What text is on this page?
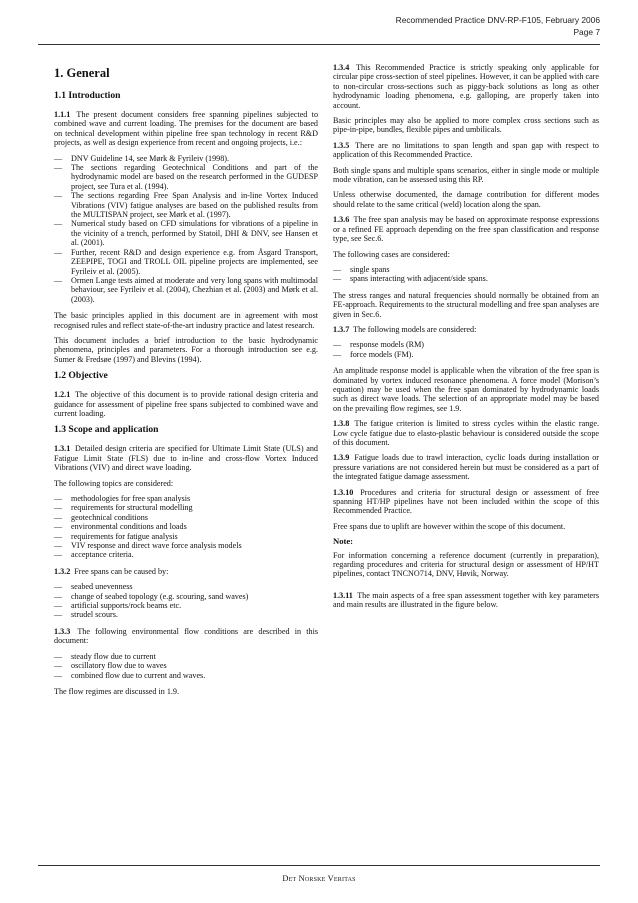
Recommended Practice DNV-RP-F105, February 2006
Page 7
1. General
1.1 Introduction

1.1.1 The present document considers free spanning pipelines subjected to combined wave and current loading. The premises for the document are based on technical development within pipeline free span technology in recent R&D projects, as well as design experience from recent and ongoing projects, i.e.:

— DNV Guideline 14, see Mørk & Fyrileiv (1998).
— The sections regarding Geotechnical Conditions and part of the hydrodynamic model are based on the research performed in the GUDESP project, see Tura et al. (1994).
— The sections regarding Free Span Analysis and in-line Vortex Induced Vibrations (VIV) fatigue analyses are based on the published results from the MULTISPAN project, see Mørk et al. (1997).
— Numerical study based on CFD simulations for vibrations of a pipeline in the vicinity of a trench, performed by Statoil, DHI & DNV, see Hansen et al. (2001).
— Further, recent R&D and design experience e.g. from Åsgard Transport, ZEEPIPE, TOGI and TROLL OIL pipeline projects are implemented, see Fyrileiv et al. (2005).
— Ormen Lange tests aimed at moderate and very long spans with multimodal behaviour, see Fyrileiv et al. (2004), Chezhian et al. (2003) and Mørk et al. (2003).

The basic principles applied in this document are in agreement with most recognised rules and reflect state-of-the-art industry practice and latest research.

This document includes a brief introduction to the basic hydrodynamic phenomena, principles and parameters. For a thorough introduction see e.g. Sumer & Fredsøe (1997) and Blevins (1994).

1.2 Objective

1.2.1 The objective of this document is to provide rational design criteria and guidance for assessment of pipeline free spans subjected to combined wave and current loading.

1.3 Scope and application

1.3.1 Detailed design criteria are specified for Ultimate Limit State (ULS) and Fatigue Limit State (FLS) due to in-line and cross-flow Vortex Induced Vibrations (VIV) and direct wave loading.

The following topics are considered:

— methodologies for free span analysis
— requirements for structural modelling
— geotechnical conditions
— environmental conditions and loads
— requirements for fatigue analysis
— VIV response and direct wave force analysis models
— acceptance criteria.

1.3.2 Free spans can be caused by:

— seabed unevenness
— change of seabed topology (e.g. scouring, sand waves)
— artificial supports/rock beams etc.
— strudel scours.

1.3.3 The following environmental flow conditions are described in this document:

— steady flow due to current
— oscillatory flow due to waves
— combined flow due to current and waves.

The flow regimes are discussed in 1.9.

1.3.4 This Recommended Practice is strictly speaking only applicable for circular pipe cross-section of steel pipelines. However, it can be applied with care to non-circular cross-sections such as piggy-back solutions as long as other hydrodynamic loading phenomena, e.g. galloping, are properly taken into account.

Basic principles may also be applied to more complex cross sections such as pipe-in-pipe, bundles, flexible pipes and umbilicals.

1.3.5 There are no limitations to span length and span gap with respect to application of this Recommended Practice.

Both single spans and multiple spans scenarios, either in single mode or multiple mode vibration, can be assessed using this RP.

Unless otherwise documented, the damage contribution for different modes should relate to the same critical (weld) location along the span.

1.3.6 The free span analysis may be based on approximate response expressions or a refined FE approach depending on the free span classification and response type, see Sec.6.

The following cases are considered:

— single spans
— spans interacting with adjacent/side spans.

The stress ranges and natural frequencies should normally be obtained from an FE-approach. Requirements to the structural modelling and free span analyses are given in Sec.6.

1.3.7 The following models are considered:

— response models (RM)
— force models (FM).

An amplitude response model is applicable when the vibration of the free span is dominated by vortex induced resonance phenomena. A force model (Morison’s equation) may be used when the free span dominated by hydrodynamic loads such as direct wave loads. The selection of an appropriate model may be based on the prevailing flow regimes, see 1.9.

1.3.8 The fatigue criterion is limited to stress cycles within the elastic range. Low cycle fatigue due to elasto-plastic behaviour is considered outside the scope of this document.

1.3.9 Fatigue loads due to trawl interaction, cyclic loads during installation or pressure variations are not considered herein but must be considered as a part of the integrated fatigue damage assessment.

1.3.10 Procedures and criteria for structural design or assessment of free spanning HT/HP pipelines have not been included within the scope of this Recommended Practice.

Free spans due to uplift are however within the scope of this document.

Note:

For information concerning a reference document (currently in preparation), regarding procedures and criteria for structural design or assessment of HP/HT pipelines, contact TNCNO714, DNV, Høvik, Norway.

1.3.11 The main aspects of a free span assessment together with key parameters and main results are illustrated in the figure below.

Det Norske Veritas
